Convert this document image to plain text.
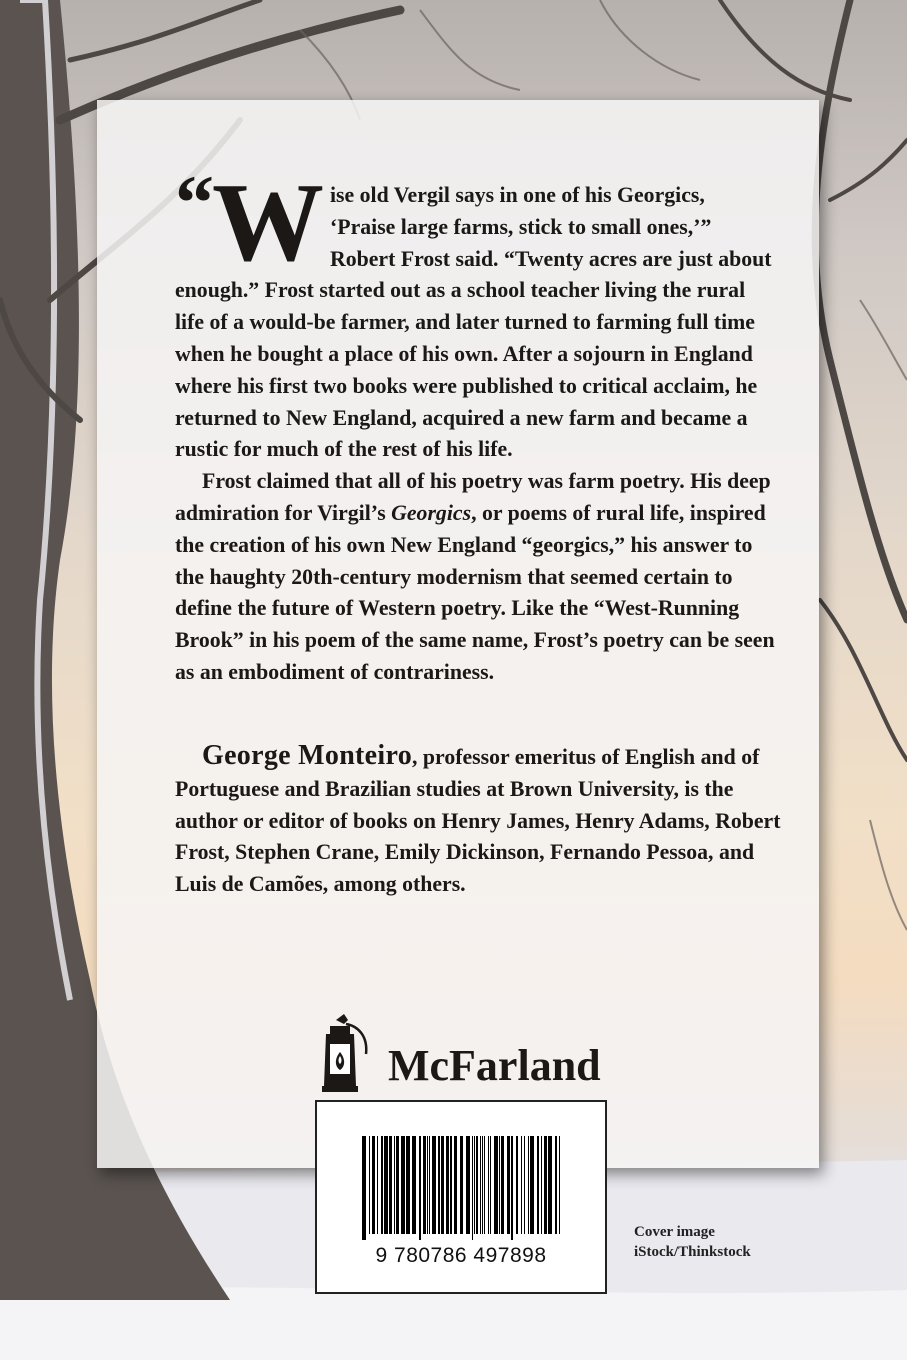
“ W ise old Vergil says in one of his Georgics, ‘Praise large farms, stick to small ones,’” Robert Frost said. “Twenty acres are just about enough.” Frost started out as a school teacher living the rural life of a would-be farmer, and later turned to farming full time when he bought a place of his own. After a sojourn in England where his first two books were published to critical acclaim, he returned to New England, acquired a new farm and became a rustic for much of the rest of his life.

Frost claimed that all of his poetry was farm poetry. His deep admiration for Virgil’s Georgics, or poems of rural life, inspired the creation of his own New England “georgics,” his answer to the haughty 20th-century modernism that seemed certain to define the future of Western poetry. Like the “West-Running Brook” in his poem of the same name, Frost’s poetry can be seen as an embodiment of contrariness.

George Monteiro, professor emeritus of English and of Portuguese and Brazilian studies at Brown University, is the author or editor of books on Henry James, Henry Adams, Robert Frost, Stephen Crane, Emily Dickinson, Fernando Pessoa, and Luis de Camões, among others.
McFarland
9 780786 497898
Cover image
iStock/Thinkstock
